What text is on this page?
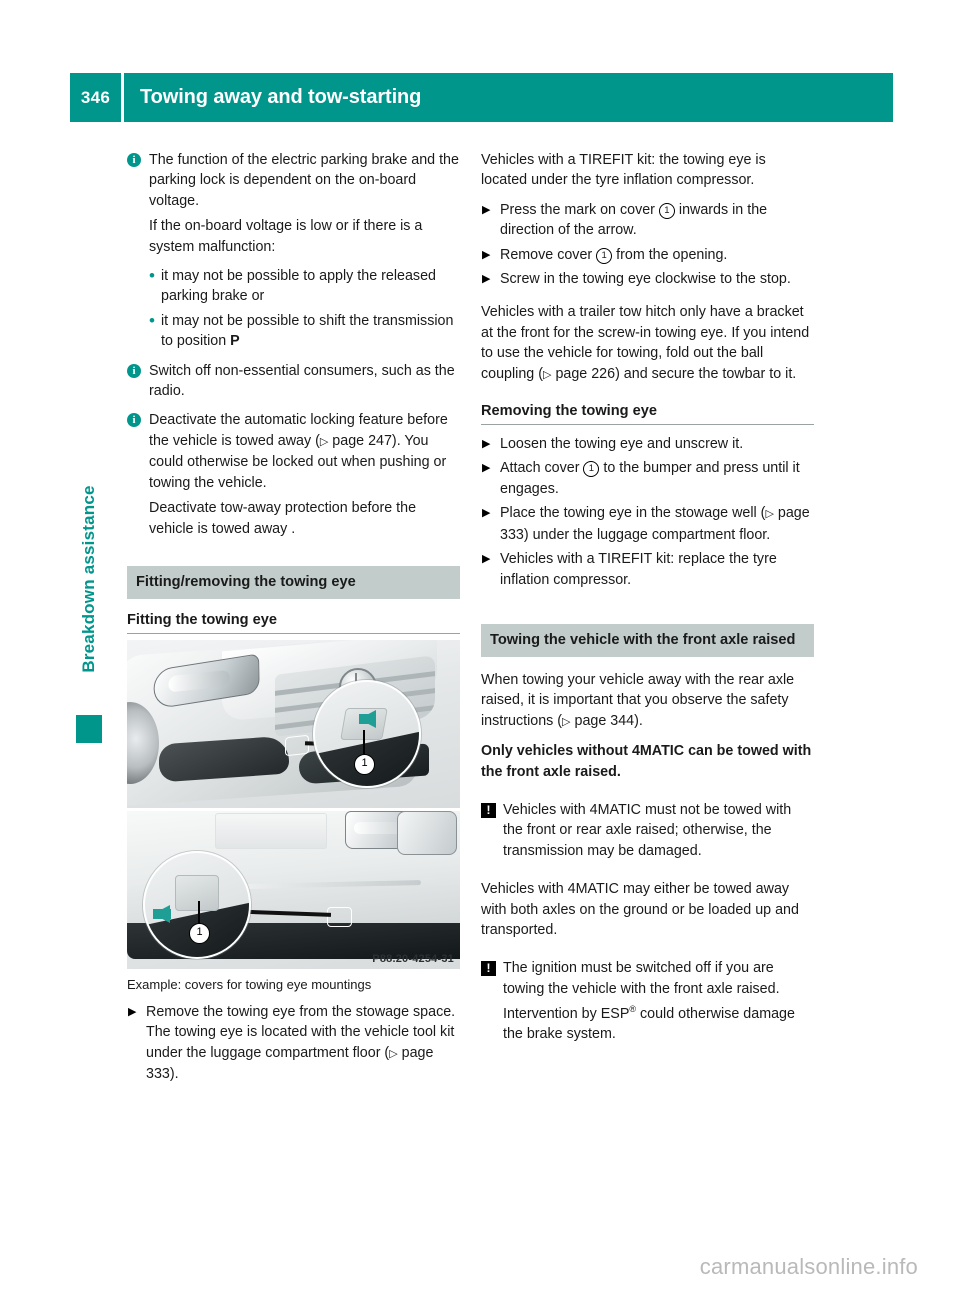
346	Towing away and tow-starting
Breakdown assistance
i The function of the electric parking brake and the parking lock is dependent on the on-board voltage.
If the on-board voltage is low or if there is a system malfunction:
• it may not be possible to apply the released parking brake or
• it may not be possible to shift the transmission to position P
i Switch off non-essential consumers, such as the radio.
i Deactivate the automatic locking feature before the vehicle is towed away (▷ page 247). You could otherwise be locked out when pushing or towing the vehicle.
Deactivate tow-away protection before the vehicle is towed away .
Fitting/removing the towing eye
Fitting the towing eye
1
1
P88.20-4254-31
Example: covers for towing eye mountings
▶ Remove the towing eye from the stowage space.
The towing eye is located with the vehicle tool kit under the luggage compartment floor (▷ page 333).

Vehicles with a TIREFIT kit: the towing eye is located under the tyre inflation compressor.

▶ Press the mark on cover 1 inwards in the direction of the arrow.
▶ Remove cover 1 from the opening.
▶ Screw in the towing eye clockwise to the stop.

Vehicles with a trailer tow hitch only have a bracket at the front for the screw-in towing eye. If you intend to use the vehicle for towing, fold out the ball coupling (▷ page 226) and secure the towbar to it.

Removing the towing eye
▶ Loosen the towing eye and unscrew it.
▶ Attach cover 1 to the bumper and press until it engages.
▶ Place the towing eye in the stowage well (▷ page 333) under the luggage compartment floor.
▶ Vehicles with a TIREFIT kit: replace the tyre inflation compressor.
Towing the vehicle with the front axle raised

When towing your vehicle away with the rear axle raised, it is important that you observe the safety instructions (▷ page 344).

Only vehicles without 4MATIC can be towed with the front axle raised.

! Vehicles with 4MATIC must not be towed with the front or rear axle raised; otherwise, the transmission may be damaged.

Vehicles with 4MATIC may either be towed away with both axles on the ground or be loaded up and transported.

! The ignition must be switched off if you are towing the vehicle with the front axle raised. Intervention by ESP® could otherwise damage the brake system.
carmanualsonline.info
